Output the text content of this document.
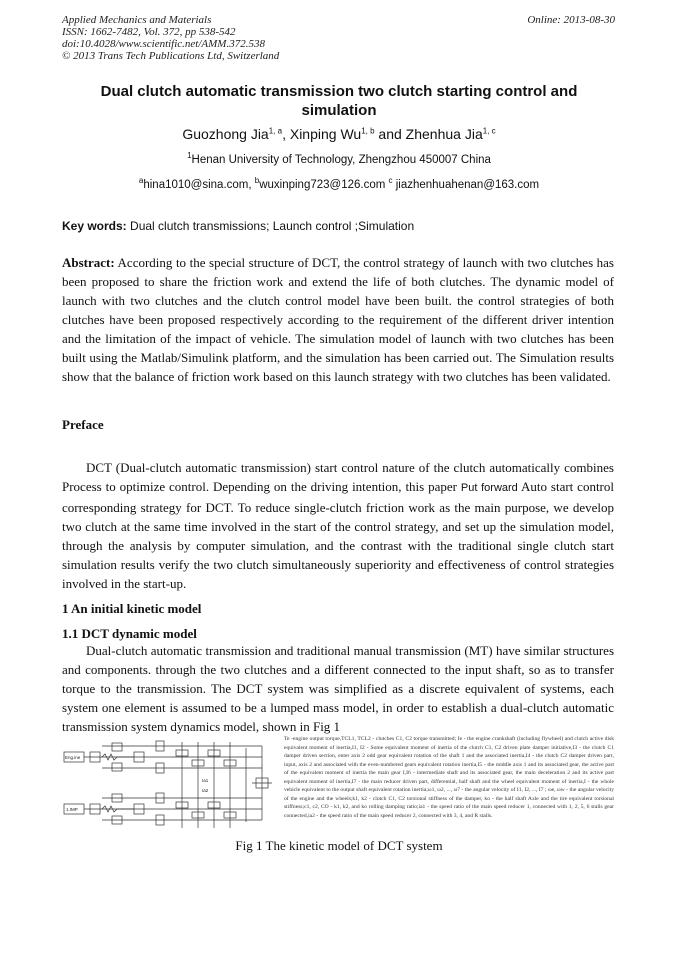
Applied Mechanics and Materials	Online: 2013-08-30
ISSN: 1662-7482, Vol. 372, pp 538-542
doi:10.4028/www.scientific.net/AMM.372.538
© 2013 Trans Tech Publications Ltd, Switzerland
Dual clutch automatic transmission two clutch starting control and simulation
Guozhong Jia$^{1, a}$, Xinping Wu$^{1, b}$ and Zhenhua Jia$^{1, c}$
$^1$Henan University of Technology, Zhengzhou 450007 China
$^a$hina1010@sina.com, $^b$wuxinping723@126.com $^c$ jiazhenhuahenan@163.com
Key words: Dual clutch transmissions; Launch control ;Simulation
Abstract: According to the special structure of DCT, the control strategy of launch with two clutches has been proposed to share the friction work and extend the life of both clutches. The dynamic model of launch with two clutches and the clutch control model have been built. the control strategies of both clutches have been proposed respectively according to the requirement of the different driver intention and the limitation of the impact of vehicle. The simulation model of launch with two clutches has been built using the Matlab/Simulink platform, and the simulation has been carried out. The Simulation results show that the balance of friction work based on this launch strategy with two clutches has been validated.
Preface
DCT (Dual-clutch automatic transmission) start control nature of the clutch automatically combines Process to optimize control. Depending on the driving intention, this paper Put forward Auto start control corresponding strategy for DCT. To reduce single-clutch friction work as the main purpose, we develop two clutch at the same time involved in the start of the control strategy, and set up the simulation model, through the analysis by computer simulation, and the contrast with the traditional single clutch start simulation results verify the two clutch simultaneously superiority and effectiveness of control strategies involved in the start-up.
1 An initial kinetic model
1.1 DCT dynamic model
Dual-clutch automatic transmission and traditional manual transmission (MT) have similar structures and components. through the two clutches and a different connected to the input shaft, so as to transfer torque to the transmission. The DCT system was simplified as a discrete equivalent of systems, each system one element is assumed to be a lumped mass model, in order to establish a dual-clutch automatic transmission system dynamics model, shown in Fig 1
Eng.ine
1.IMP
Ia1
Ia2
Te -engine output torque,TCL1, TCL2 - clutches C1, C2 torque transmitted; Ie - the engine crankshaft (including flywheel) and clutch active disk equivalent moment of inertia,I1, I2 - Some equivalent moment of inertia of the clutch C1, C2 driven plate damper initiative,I3 - the clutch C1 damper driven section, enter axis 2 odd gear equivalent rotation of the shaft 1 and the associated inertia,I4 - the clutch C2 damper driven part, input, axis 2 and associated with the even-numbered gears equivalent rotation inertia,I5 - the middle axis 1 and its associated gear, the active part of the equivalent moment of inertia the main gear I,I6 - intermediate shaft and its associated gear, the main deceleration 2 and its active part equivalent moment of inertia,I7 - the main reducer driven part, differential, half shaft and the wheel equivalent moment of inertia,I - the whole vehicle equivalent to the output shaft equivalent rotation inertia;ω1, ω2, ..., ω7 - the angular velocity of I1, I2, ..., I7 ; ωe, ωw - the angular velocity of the engine and the wheels;k1, k2 - clutch C1, C2 torsional stiffness of the damper, ko - the half shaft Axle and the tire equivalent torsional stiffness;c1, c2, CO - k1, k2, and ko rolling damping ratio;ia1 - the speed ratio of the main speed reducer 1, connected with 1, 2, 5, 6 stalls gear connected,ia2 - the speed ratio of the main speed reducer 2, connected with 3, 4, and R stalls.
Fig 1 The kinetic model of DCT system
